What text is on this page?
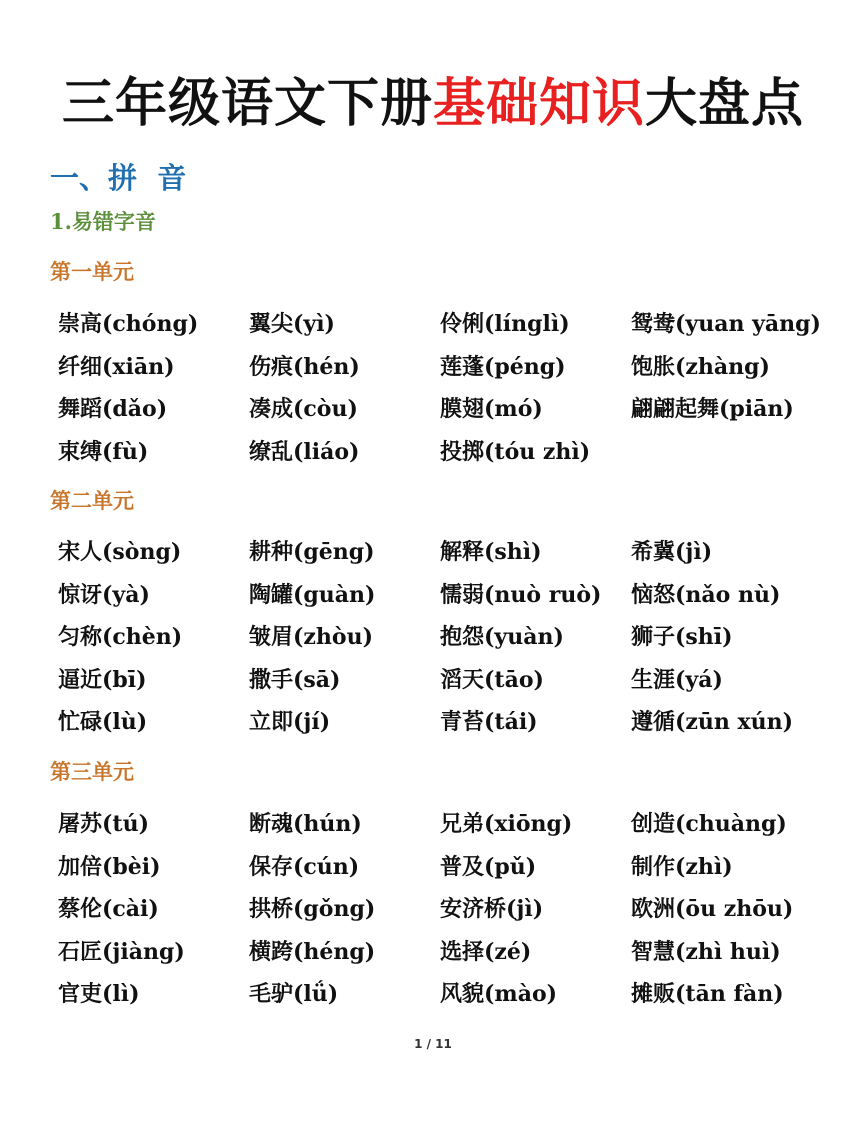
三年级语文下册基础知识大盘点
一、拼  音
1.易错字音
第一单元
崇高(chóng)	翼尖(yì)	伶俐(línglì)	鸳鸯(yuan yāng)
纤细(xiān)	伤痕(hén)	莲蓬(péng)	饱胀(zhàng)
舞蹈(dǎo)	凑成(còu)	膜翅(mó)	翩翩起舞(piān)
束缚(fù)	缭乱(liáo)	投掷(tóu zhì)
第二单元
宋人(sòng)	耕种(gēng)	解释(shì)	希冀(jì)
惊讶(yà)	陶罐(guàn)	懦弱(nuò ruò)	恼怒(nǎo nù)
匀称(chèn)	皱眉(zhòu)	抱怨(yuàn)	狮子(shī)
逼近(bī)	撒手(sā)	滔天(tāo)	生涯(yá)
忙碌(lù)	立即(jí)	青苔(tái)	遵循(zūn xún)
第三单元
屠苏(tú)	断魂(hún)	兄弟(xiōng)	创造(chuàng)
加倍(bèi)	保存(cún)	普及(pǔ)	制作(zhì)
蔡伦(cài)	拱桥(gǒng)	安济桥(jì)	欧洲(ōu zhōu)
石匠(jiàng)	横跨(héng)	选择(zé)	智慧(zhì huì)
官吏(lì)	毛驴(lǘ)	风貌(mào)	摊贩(tān fàn)
1 / 11
